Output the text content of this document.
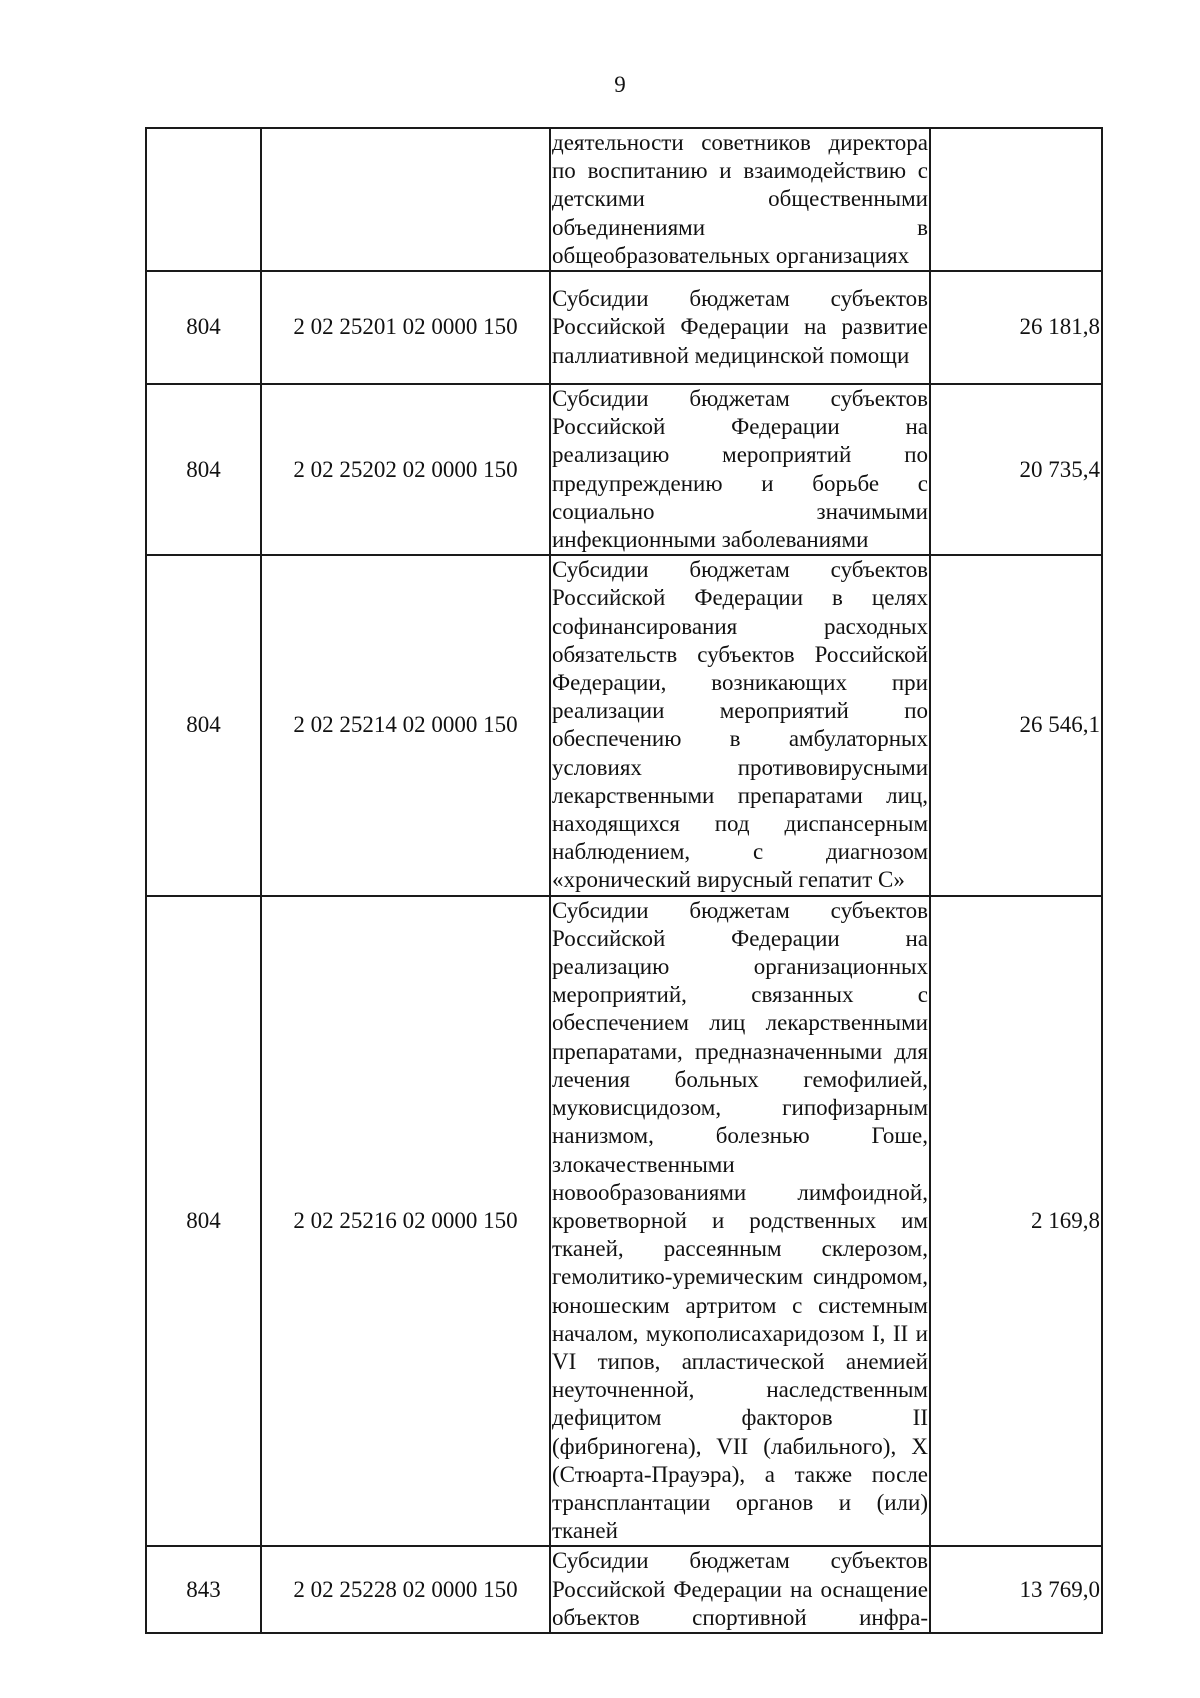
9

		деятельности советников директора по воспитанию и взаимодействию с детскими общественными объединениями в общеобразовательных организациях	

804	2 02 25201 02 0000 150	Субсидии бюджетам субъектов Российской Федерации на развитие паллиативной медицинской помощи	26 181,8
804	2 02 25202 02 0000 150	Субсидии бюджетам субъектов Российской Федерации на реализацию мероприятий по предупреждению и борьбе с социально значимыми инфекционными заболеваниями	20 735,4
804	2 02 25214 02 0000 150	Субсидии бюджетам субъектов Российской Федерации в целях софинансирования расходных обязательств субъектов Российской Федерации, возникающих при реализации мероприятий по обеспечению в амбулаторных условиях противовирусными лекарственными препаратами лиц, находящихся под диспансерным наблюдением, с диагнозом «хронический вирусный гепатит С»	26 546,1
804	2 02 25216 02 0000 150	Субсидии бюджетам субъектов Российской Федерации на реализацию организационных мероприятий, связанных с обеспечением лиц лекарственными препаратами, предназначенными для лечения больных гемофилией, муковисцидозом, гипофизарным нанизмом, болезнью Гоше, злокачественными новообразованиями лимфоидной, кроветворной и родственных им тканей, рассеянным склерозом, гемолитико-уремическим синдромом, юношеским артритом с системным началом, мукополисахаридозом I, II и VI типов, апластической анемией неуточненной, наследственным дефицитом факторов II (фибриногена), VII (лабильного), X (Стюарта-Прауэра), а также после трансплантации органов и (или) тканей	2 169,8
843	2 02 25228 02 0000 150	Субсидии бюджетам субъектов Российской Федерации на оснащение объектов спортивной инфра-	13 769,0
